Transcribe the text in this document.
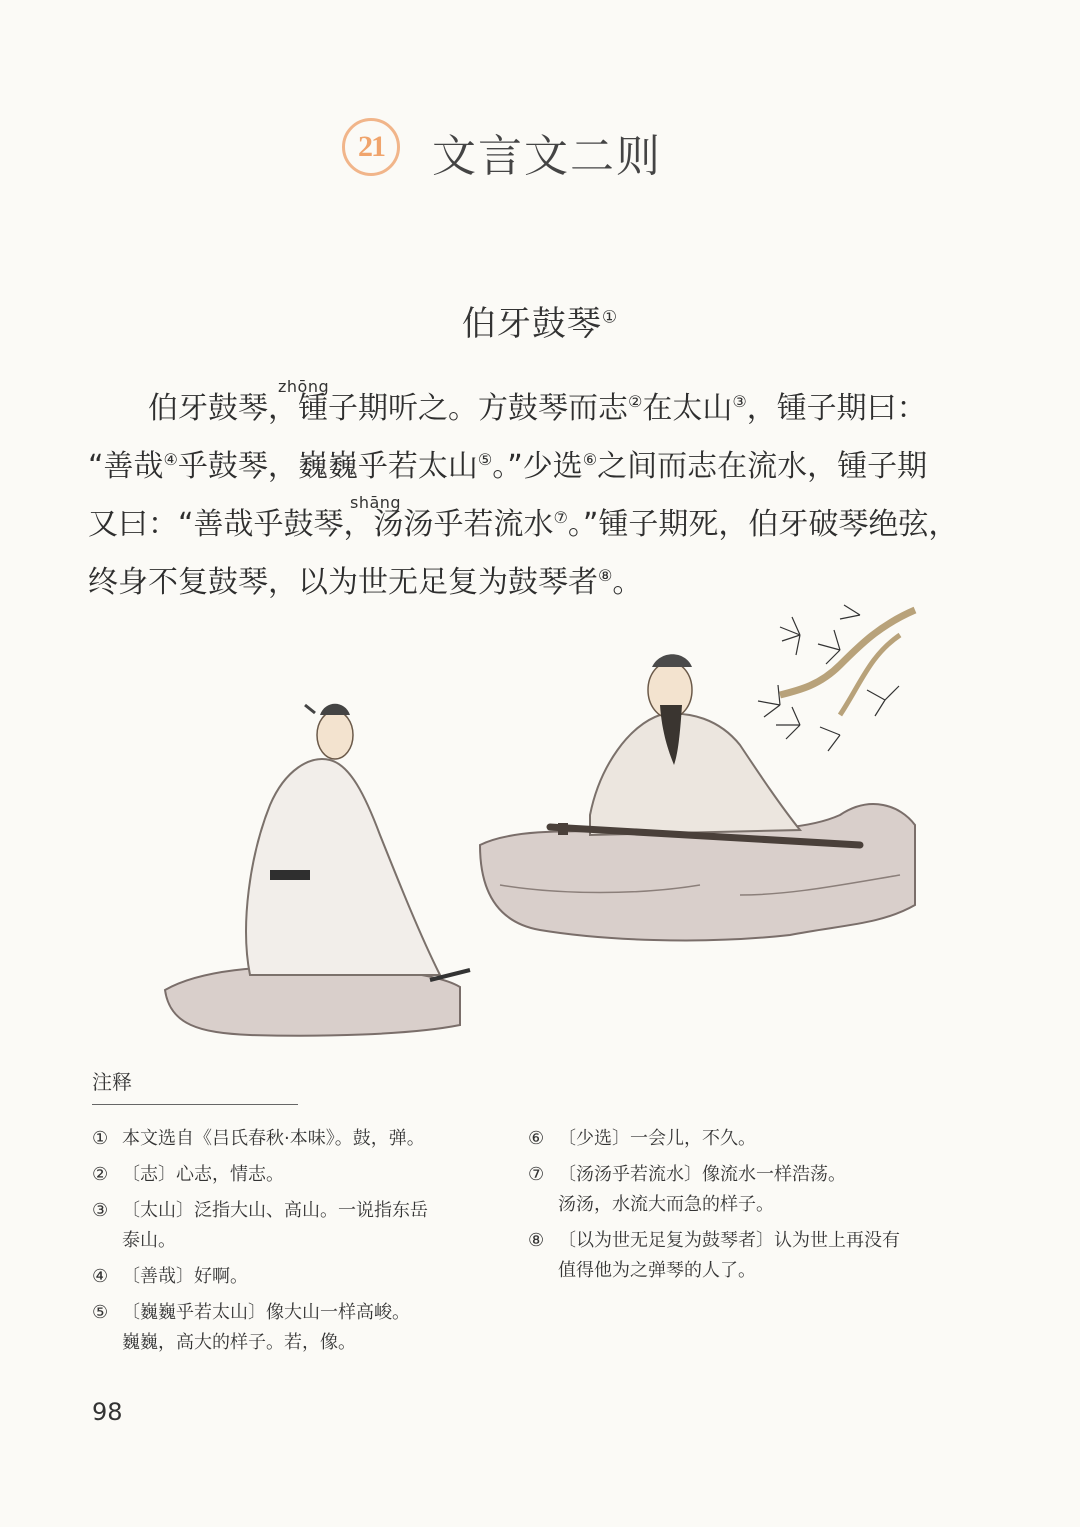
21	文言文二则
伯牙鼓琴①
zhōng
伯牙鼓琴，锺子期听之。方鼓琴而志②在太山③，锺子期曰：
“善哉④乎鼓琴，巍巍乎若太山⑤。”少选⑥之间而志在流水，锺子期
shāng
又曰：“善哉乎鼓琴，汤汤乎若流水⑦。”锺子期死，伯牙破琴绝弦，
终身不复鼓琴，以为世无足复为鼓琴者⑧。
注释
① 本文选自《吕氏春秋·本味》。鼓，弹。
② 〔志〕心志，情志。
③ 〔太山〕泛指大山、高山。一说指东岳
泰山。
④ 〔善哉〕好啊。
⑤ 〔巍巍乎若太山〕像大山一样高峻。
巍巍，高大的样子。若，像。
⑥ 〔少选〕一会儿，不久。
⑦ 〔汤汤乎若流水〕像流水一样浩荡。
汤汤，水流大而急的样子。
⑧ 〔以为世无足复为鼓琴者〕认为世上再没有
值得他为之弹琴的人了。
98
